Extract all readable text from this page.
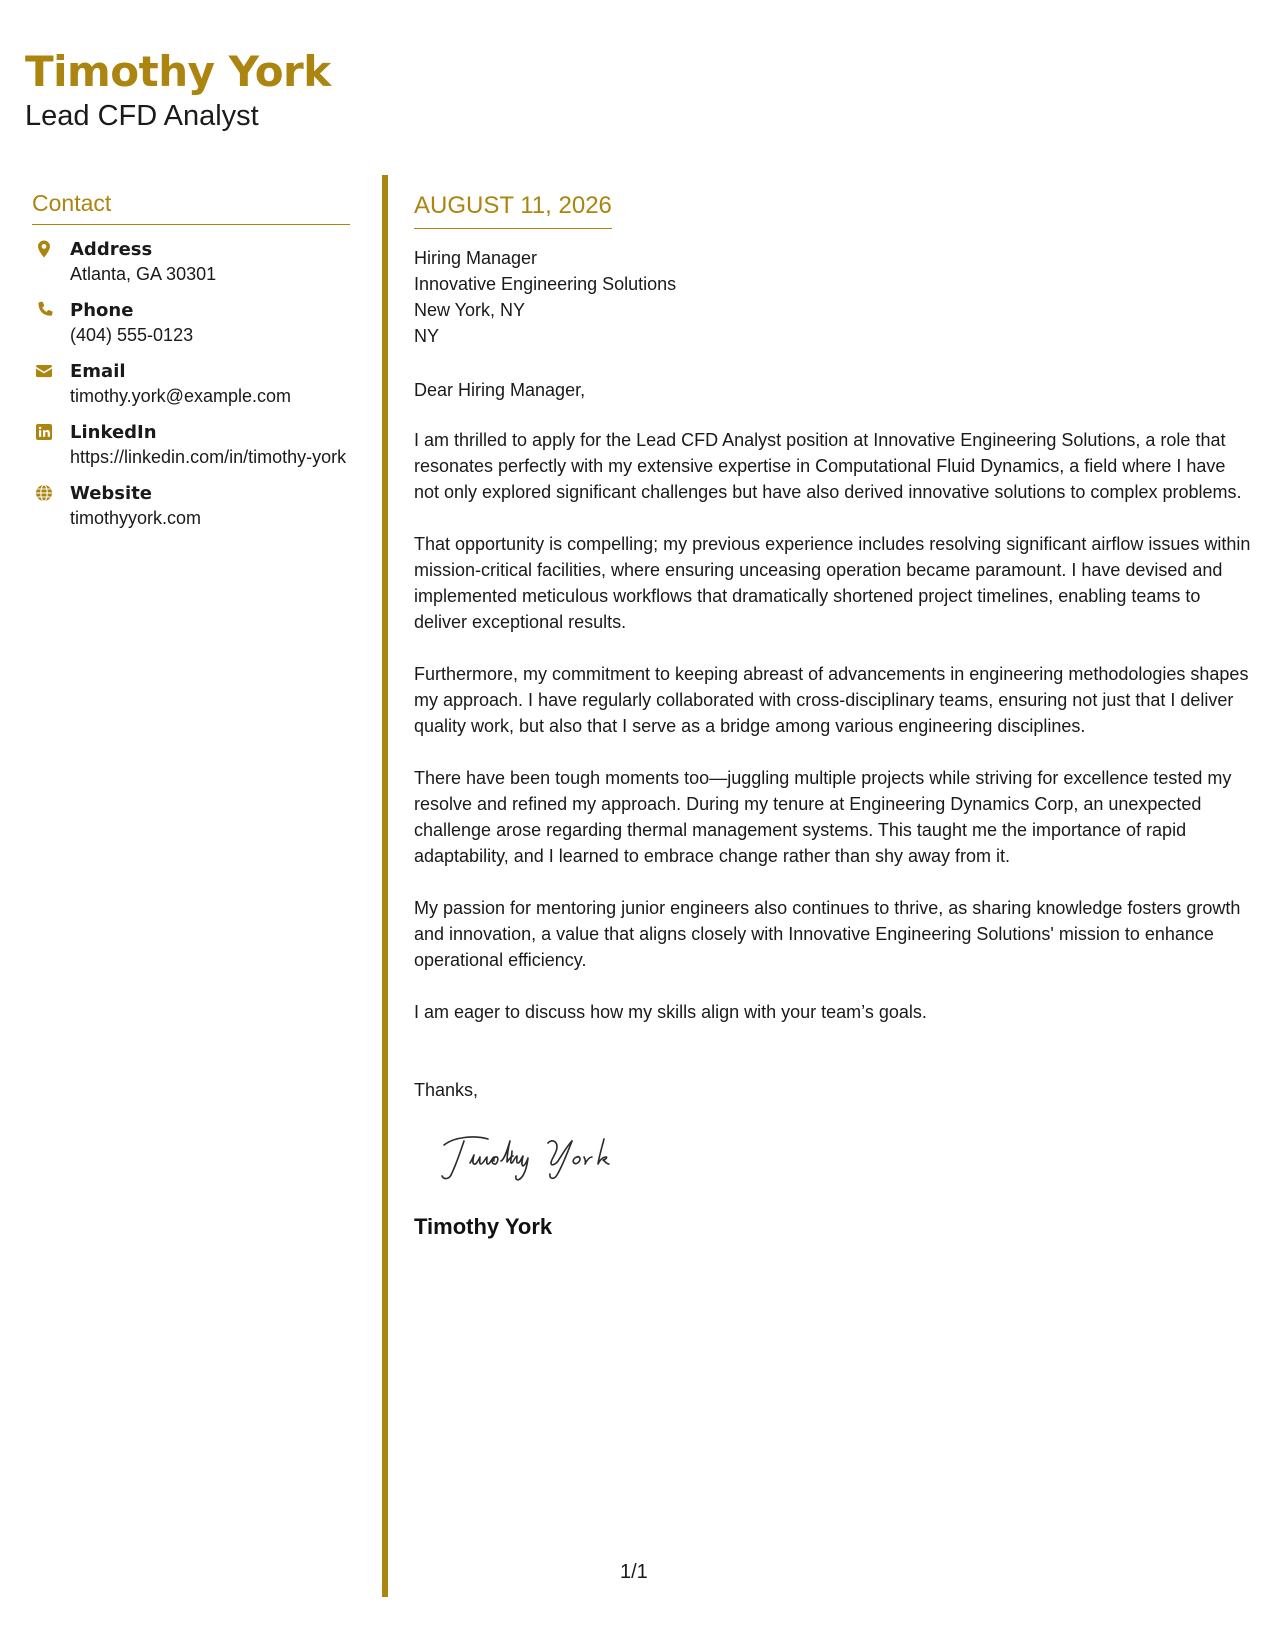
Timothy York
Lead CFD Analyst
Contact
Address
Atlanta, GA 30301
Phone
(404) 555-0123
Email
timothy.york@example.com
LinkedIn
https://linkedin.com/in/timothy-york
Website
timothyyork.com
AUGUST 11, 2026

Hiring Manager

Innovative Engineering Solutions

New York, NY

NY

Dear Hiring Manager,

I am thrilled to apply for the Lead CFD Analyst position at Innovative Engineering Solutions, a role that resonates perfectly with my extensive expertise in Computational Fluid Dynamics, a field where I have not only explored significant challenges but have also derived innovative solutions to complex problems.

That opportunity is compelling; my previous experience includes resolving significant airflow issues within mission-critical facilities, where ensuring unceasing operation became paramount. I have devised and implemented meticulous workflows that dramatically shortened project timelines, enabling teams to deliver exceptional results.

Furthermore, my commitment to keeping abreast of advancements in engineering methodologies shapes my approach. I have regularly collaborated with cross-disciplinary teams, ensuring not just that I deliver quality work, but also that I serve as a bridge among various engineering disciplines.

There have been tough moments too—juggling multiple projects while striving for excellence tested my resolve and refined my approach. During my tenure at Engineering Dynamics Corp, an unexpected challenge arose regarding thermal management systems. This taught me the importance of rapid adaptability, and I learned to embrace change rather than shy away from it.

My passion for mentoring junior engineers also continues to thrive, as sharing knowledge fosters growth and innovation, a value that aligns closely with Innovative Engineering Solutions' mission to enhance operational efficiency.

I am eager to discuss how my skills align with your team’s goals.

Thanks,

Timothy York

Timothy York

1/1
